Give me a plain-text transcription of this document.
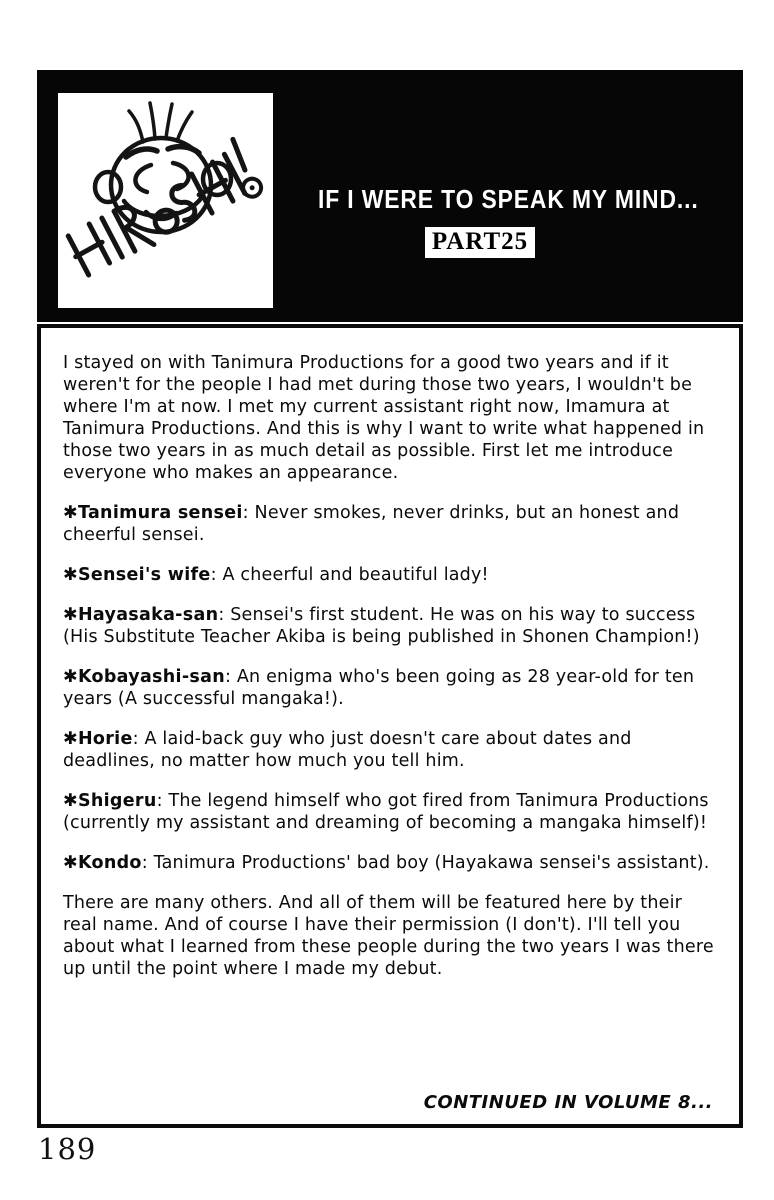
IF I WERE TO SPEAK MY MIND...
PART25

I stayed on with Tanimura Productions for a good two years and if it weren't for the people I had met during those two years, I wouldn't be where I'm at now. I met my current assistant right now, Imamura at Tanimura Productions. And this is why I want to write what happened in those two years in as much detail as possible. First let me introduce everyone who makes an appearance.

✱Tanimura sensei: Never smokes, never drinks, but an honest and cheerful sensei.

✱Sensei's wife: A cheerful and beautiful lady!

✱Hayasaka-san: Sensei's first student. He was on his way to success (His Substitute Teacher Akiba is being published in Shonen Champion!)

✱Kobayashi-san: An enigma who's been going as 28 year-old for ten years (A successful mangaka!).

✱Horie: A laid-back guy who just doesn't care about dates and deadlines, no matter how much you tell him.

✱Shigeru: The legend himself who got fired from Tanimura Productions (currently my assistant and dreaming of becoming a mangaka himself)!

✱Kondo: Tanimura Productions' bad boy (Hayakawa sensei's assistant).

There are many others. And all of them will be featured here by their real name. And of course I have their permission (I don't). I'll tell you about what I learned from these people during the two years I was there up until the point where I made my debut.

CONTINUED IN VOLUME 8...
189
